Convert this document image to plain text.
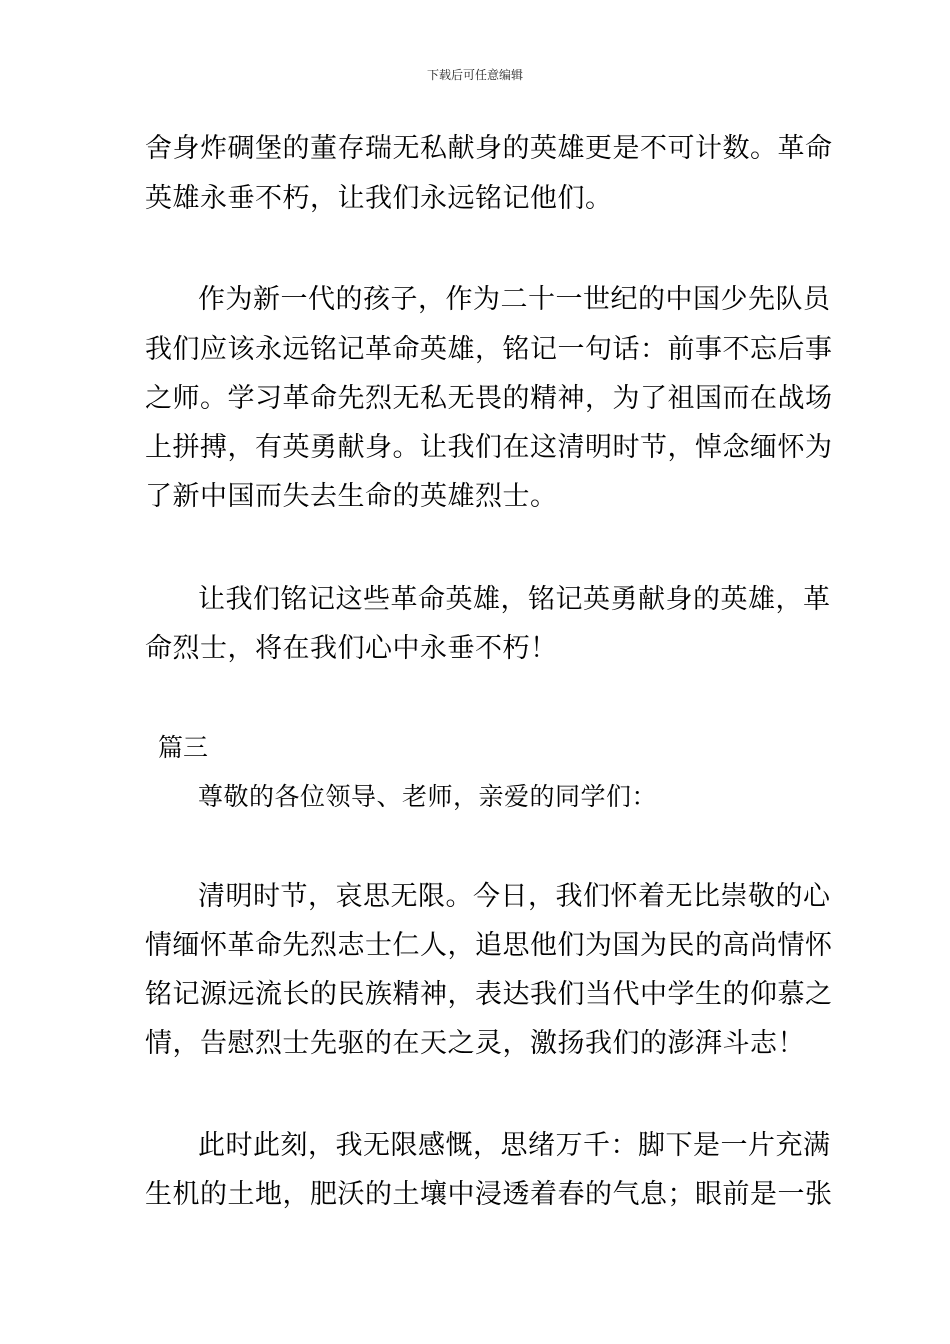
下载后可任意编辑
舍身炸碉堡的董存瑞无私献身的英雄更是不可计数。革命
英雄永垂不朽，让我们永远铭记他们。
作为新一代的孩子，作为二十一世纪的中国少先队员
我们应该永远铭记革命英雄，铭记一句话：前事不忘后事
之师。学习革命先烈无私无畏的精神，为了祖国而在战场
上拼搏，有英勇献身。让我们在这清明时节，悼念缅怀为
了新中国而失去生命的英雄烈士。
让我们铭记这些革命英雄，铭记英勇献身的英雄，革
命烈士，将在我们心中永垂不朽！
篇三
尊敬的各位领导、老师，亲爱的同学们：
清明时节，哀思无限。今日，我们怀着无比崇敬的心
情缅怀革命先烈志士仁人，追思他们为国为民的高尚情怀
铭记源远流长的民族精神，表达我们当代中学生的仰慕之
情，告慰烈士先驱的在天之灵，激扬我们的澎湃斗志！
此时此刻，我无限感慨，思绪万千：脚下是一片充满
生机的土地，肥沃的土壤中浸透着春的气息；眼前是一张
